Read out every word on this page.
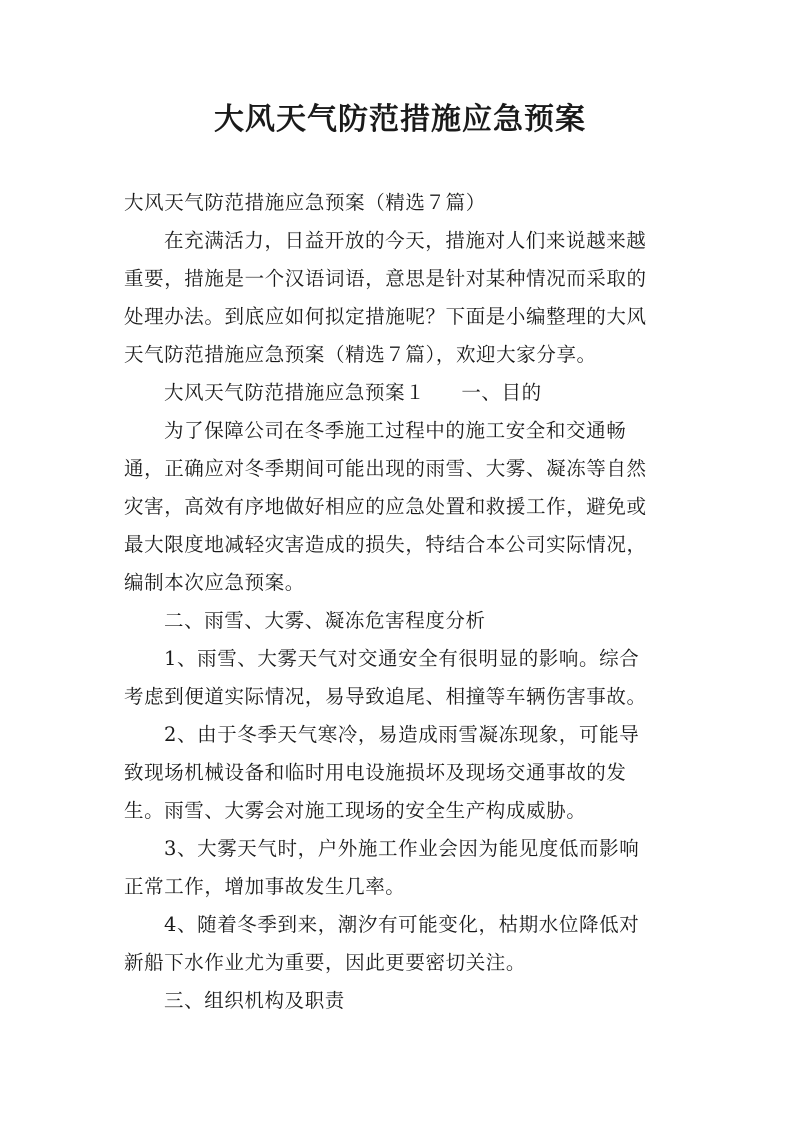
大风天气防范措施应急预案
大风天气防范措施应急预案（精选７篇）
在充满活力，日益开放的今天，措施对人们来说越来越
重要，措施是一个汉语词语，意思是针对某种情况而采取的
处理办法。到底应如何拟定措施呢？下面是小编整理的大风
天气防范措施应急预案（精选７篇），欢迎大家分享。
大风天气防范措施应急预案１ 一、目的
为了保障公司在冬季施工过程中的施工安全和交通畅
通，正确应对冬季期间可能出现的雨雪、大雾、凝冻等自然
灾害，高效有序地做好相应的应急处置和救援工作，避免或
最大限度地减轻灾害造成的损失，特结合本公司实际情况，
编制本次应急预案。
二、雨雪、大雾、凝冻危害程度分析
1、雨雪、大雾天气对交通安全有很明显的影响。综合
考虑到便道实际情况，易导致追尾、相撞等车辆伤害事故。
2、由于冬季天气寒冷，易造成雨雪凝冻现象，可能导
致现场机械设备和临时用电设施损坏及现场交通事故的发
生。雨雪、大雾会对施工现场的安全生产构成威胁。
3、大雾天气时，户外施工作业会因为能见度低而影响
正常工作，增加事故发生几率。
4、随着冬季到来，潮汐有可能变化，枯期水位降低对
新船下水作业尤为重要，因此更要密切关注。
三、组织机构及职责
